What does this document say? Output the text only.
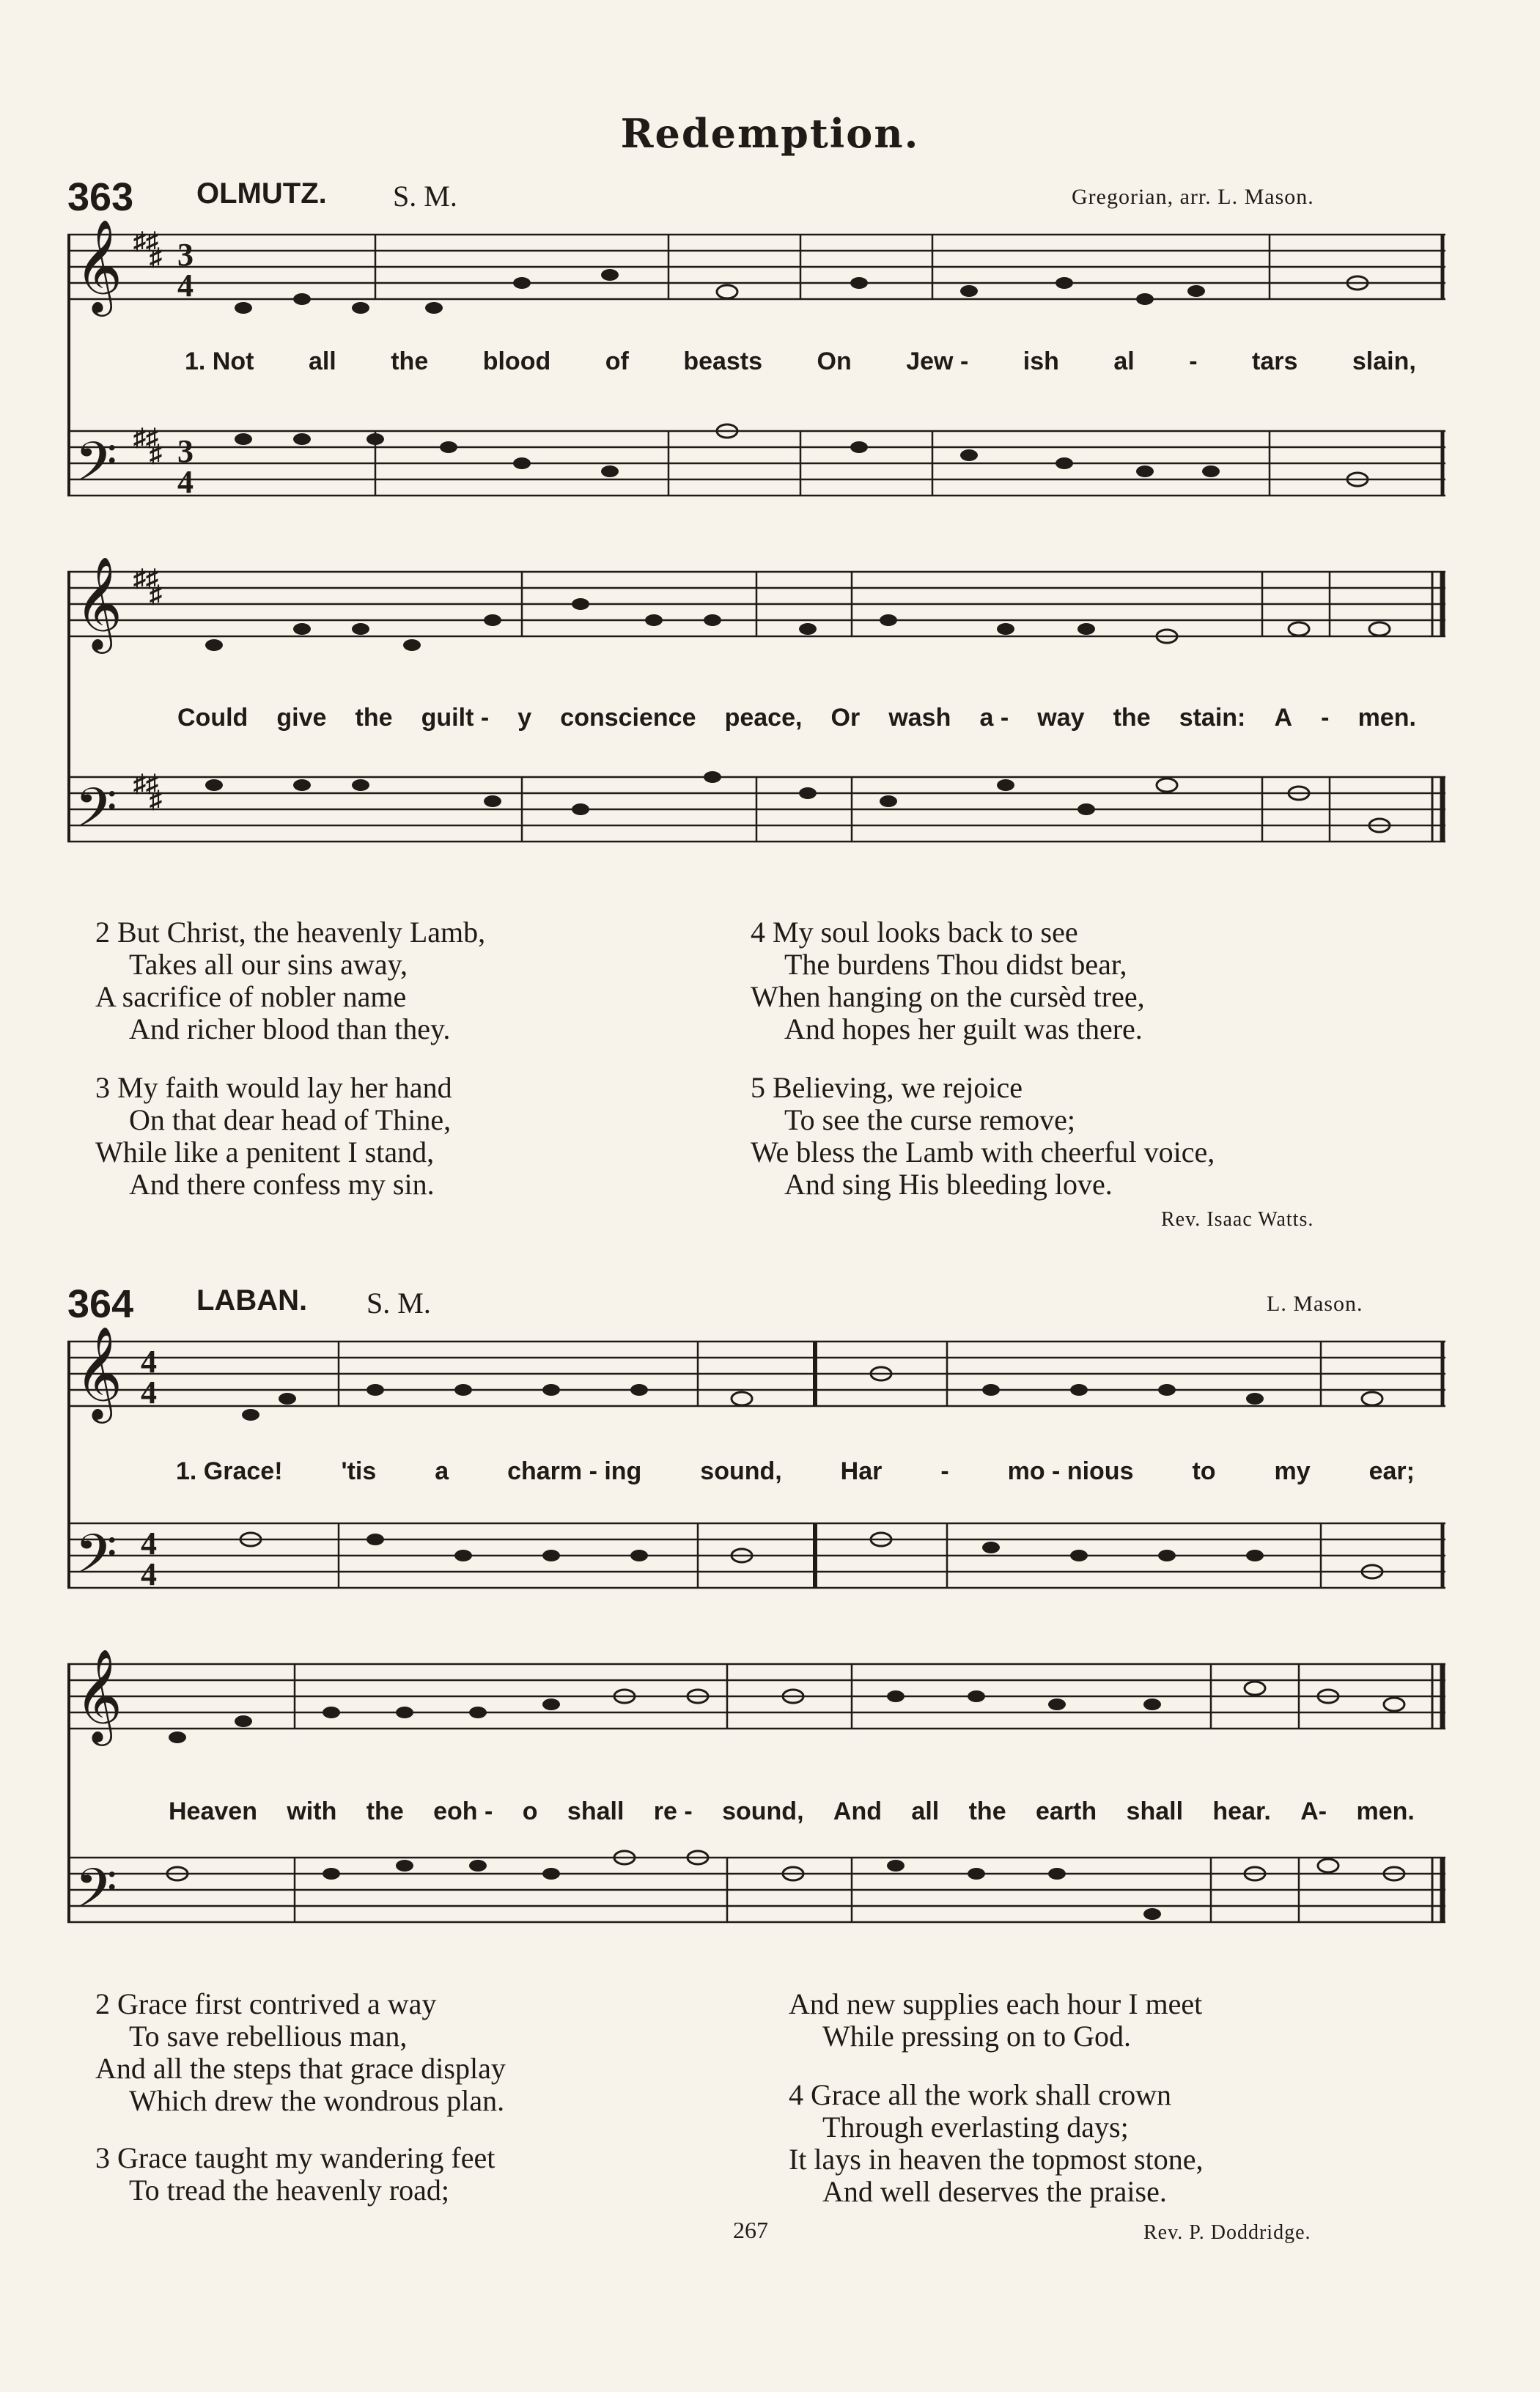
Redemption.
363 OLMUTZ. S. M.	Gregorian, arr. L. Mason.
𝄞
𝄢
3
4
3
4
♯♯
♯
♯♯
♯
1. Not all the blood of beasts On Jew - ish al - tars slain,
𝄞
𝄢
♯♯
♯
♯♯
♯
Could give the guilt - y conscience peace, Or wash a - way the stain: A - men.
2 But Christ, the heavenly Lamb,
Takes all our sins away,
A sacrifice of nobler name
And richer blood than they.
3 My faith would lay her hand
On that dear head of Thine,
While like a penitent I stand,
And there confess my sin.
4 My soul looks back to see
The burdens Thou didst bear,
When hanging on the cursèd tree,
And hopes her guilt was there.
5 Believing, we rejoice
To see the curse remove;
We bless the Lamb with cheerful voice,
And sing His bleeding love.
Rev. Isaac Watts.
364 LABAN. S. M.	L. Mason.
𝄞
𝄢
4
4
4
4
1. Grace! 'tis a charm - ing sound, Har - mo - nious to my ear;
𝄞
𝄢
Heaven with the eoh - o shall re - sound, And all the earth shall hear. A- men.
2 Grace first contrived a way
To save rebellious man,
And all the steps that grace display
Which drew the wondrous plan.
3 Grace taught my wandering feet
To tread the heavenly road;
And new supplies each hour I meet
While pressing on to God.
4 Grace all the work shall crown
Through everlasting days;
It lays in heaven the topmost stone,
And well deserves the praise.
267	Rev. P. Doddridge.
